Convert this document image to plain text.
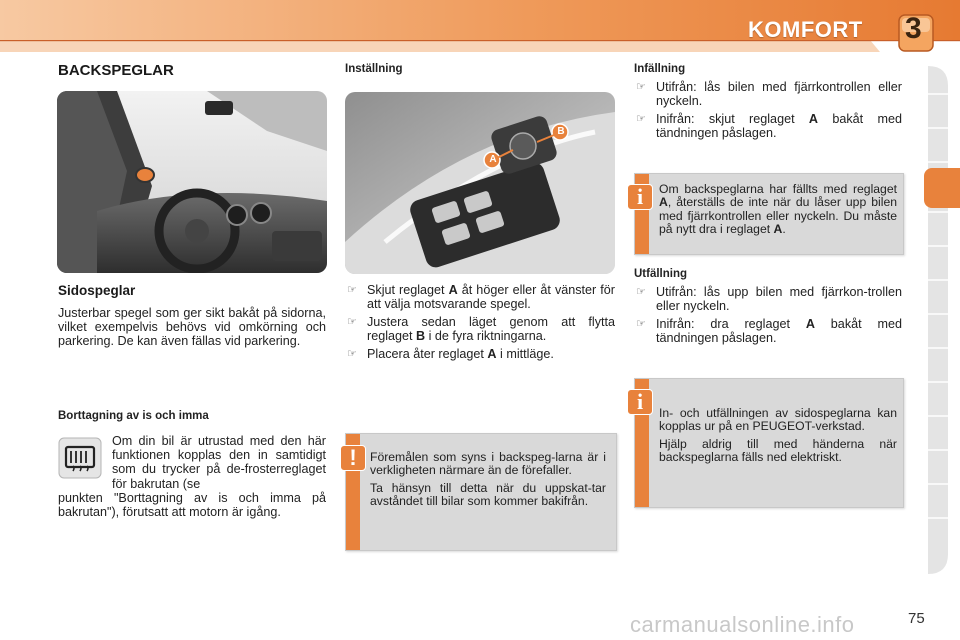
KOMFORT 3
BACKSPEGLAR
Sidospeglar
Justerbar spegel som ger sikt bakåt på sidorna, vilket exempelvis behövs vid omkörning och parkering. De kan även fällas vid parkering.
Borttagning av is och imma
Om din bil är utrustad med den här funktionen kopplas den in samtidigt som du trycker på de-frosterreglaget för bakrutan (se
punkten "Borttagning av is och imma på bakrutan"), förutsatt att motorn är igång.
Inställning
A
B
☞ Skjut reglaget A åt höger eller åt vänster för att välja motsvarande spegel.
☞ Justera sedan läget genom att flytta reglaget B i de fyra riktningarna.
☞ Placera åter reglaget A i mittläge.
Föremålen som syns i backspeg-larna är i verkligheten närmare än de förefaller.
Ta hänsyn till detta när du uppskat-tar avståndet till bilar som kommer bakifrån.
!
Infällning
☞ Utifrån: lås bilen med fjärrkontrollen eller nyckeln.
☞ Inifrån: skjut reglaget A bakåt med tändningen påslagen.
Om backspeglarna har fällts med reglaget A, återställs de inte när du låser upp bilen med fjärrkontrollen eller nyckeln. Du måste på nytt dra i reglaget A.
i
Utfällning
☞ Utifrån: lås upp bilen med fjärrkon-trollen eller nyckeln.
☞ Inifrån: dra reglaget A bakåt med tändningen påslagen.
In- och utfällningen av sidospeglarna kan kopplas ur på en PEUGEOT-verkstad.
Hjälp aldrig till med händerna när backspeglarna fälls ned elektriskt.
i
carmanualsonline.info	75
